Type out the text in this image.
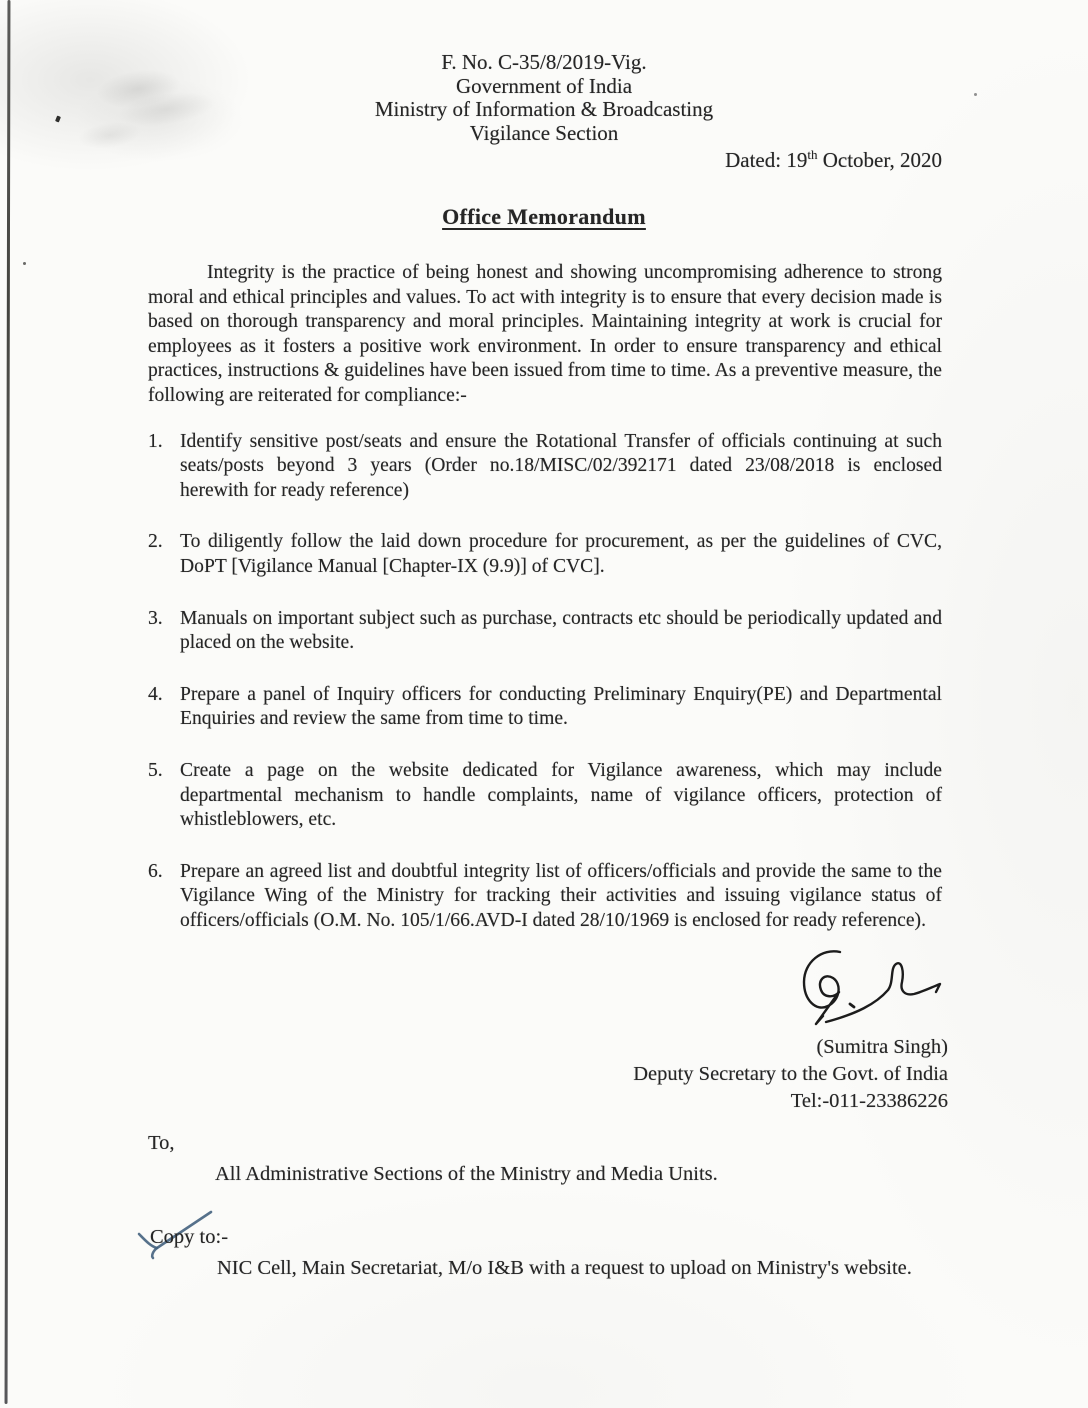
F. No. C-35/8/2019-Vig.
Government of India
Ministry of Information & Broadcasting
Vigilance Section
Dated: 19th October, 2020
Office Memorandum

Integrity is the practice of being honest and showing uncompromising adherence to strong moral and ethical principles and values. To act with integrity is to ensure that every decision made is based on thorough transparency and moral principles. Maintaining integrity at work is crucial for employees as it fosters a positive work environment. In order to ensure transparency and ethical practices, instructions & guidelines have been issued from time to time. As a preventive measure, the following are reiterated for compliance:-

1. Identify sensitive post/seats and ensure the Rotational Transfer of officials continuing at such seats/posts beyond 3 years (Order no.18/MISC/02/392171 dated 23/08/2018 is enclosed herewith for ready reference)
2. To diligently follow the laid down procedure for procurement, as per the guidelines of CVC, DoPT [Vigilance Manual [Chapter-IX (9.9)] of CVC].
3. Manuals on important subject such as purchase, contracts etc should be periodically updated and placed on the website.
4. Prepare a panel of Inquiry officers for conducting Preliminary Enquiry(PE) and Departmental Enquiries and review the same from time to time.
5. Create a page on the website dedicated for Vigilance awareness, which may include departmental mechanism to handle complaints, name of vigilance officers, protection of whistleblowers, etc.
6. Prepare an agreed list and doubtful integrity list of officers/officials and provide the same to the Vigilance Wing of the Ministry for tracking their activities and issuing vigilance status of officers/officials (O.M. No. 105/1/66.AVD-I dated 28/10/1969 is enclosed for ready reference).
(Sumitra Singh)
Deputy Secretary to the Govt. of India
Tel:-011-23386226
To,
All Administrative Sections of the Ministry and Media Units.
Copy to:-
NIC Cell, Main Secretariat, M/o I&B with a request to upload on Ministry's website.
